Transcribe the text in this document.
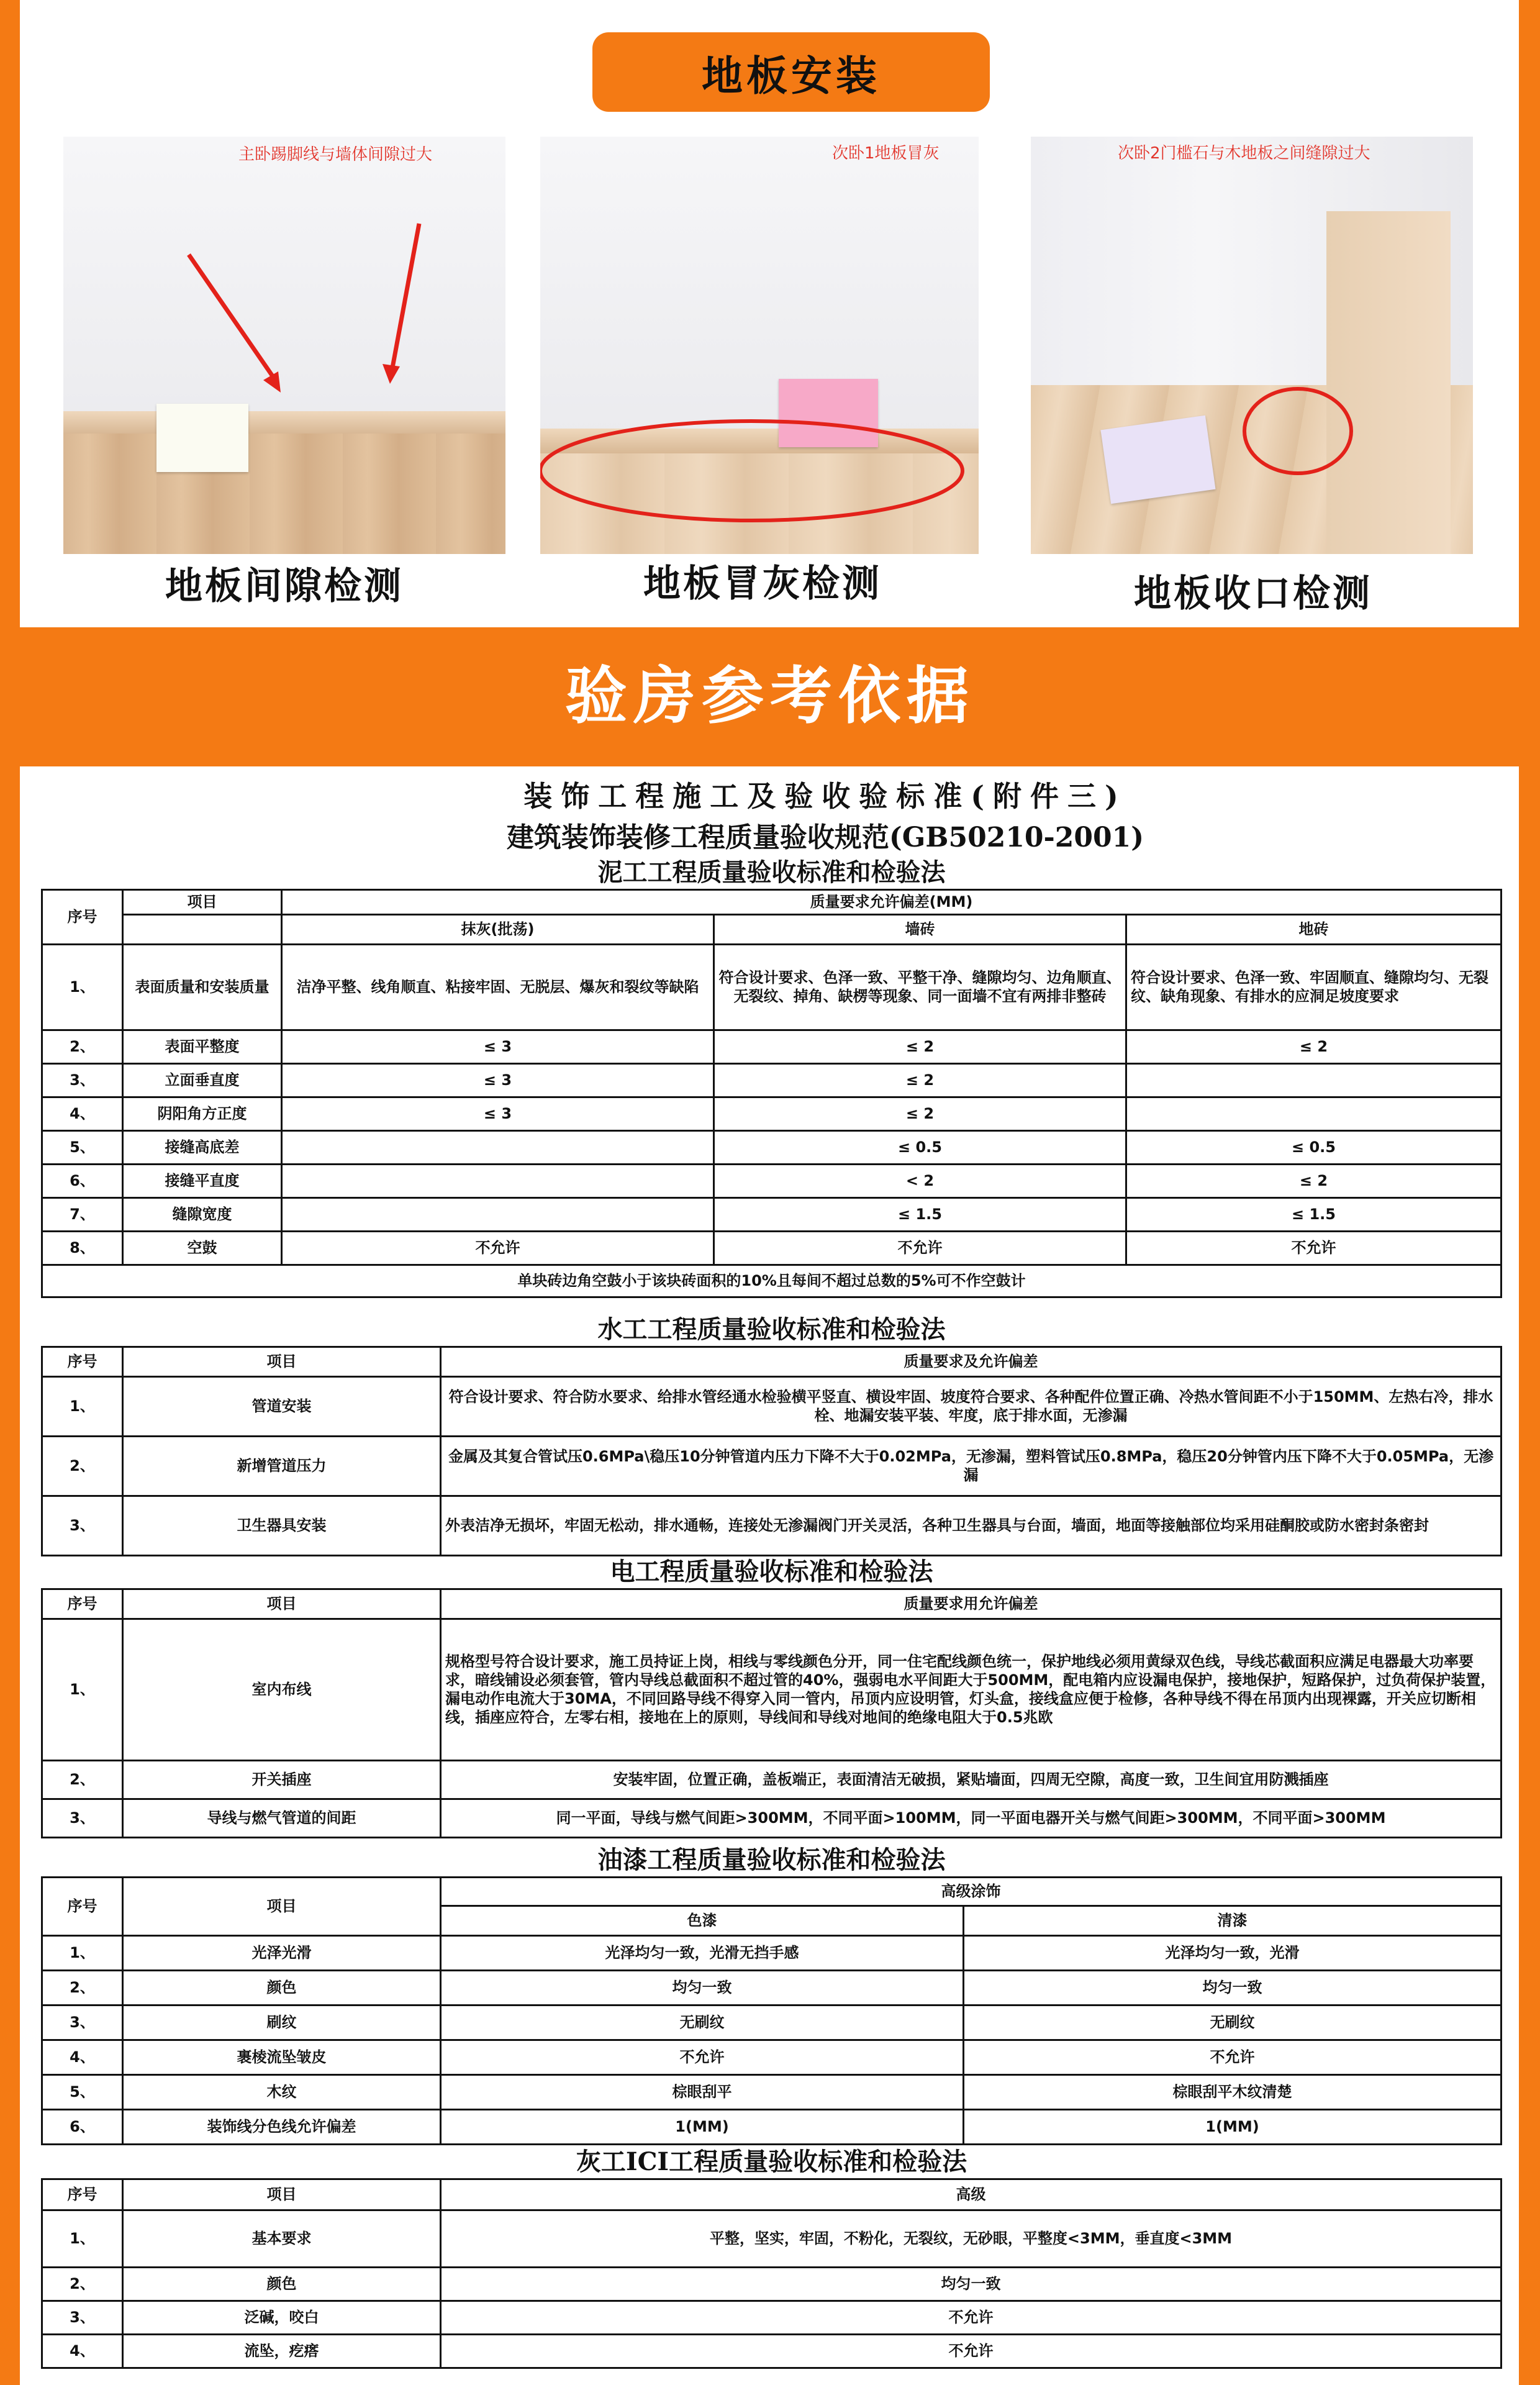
地板安装
主卧踢脚线与墙体间隙过大
地板间隙检测
次卧1地板冒灰
地板冒灰检测
次卧2门槛石与木地板之间缝隙过大
地板收口检测
验房参考依据
装饰工程施工及验收验标准(附件三)
建筑装饰装修工程质量验收规范(GB50210-2001)
泥工工程质量验收标准和检验法				
序号	项目	质量要求允许偏差(MM)		
		抹灰(批荡)	墙砖	地砖
1、	表面质量和安装质量	洁净平整、线角顺直、粘接牢固、无脱层、爆灰和裂纹等缺陷	符合设计要求、色泽一致、平整干净、缝隙均匀、边角顺直、无裂纹、掉角、缺楞等现象、同一面墙不宜有两排非整砖	符合设计要求、色泽一致、牢固顺直、缝隙均匀、无裂纹、缺角现象、有排水的应洞足坡度要求
2、	表面平整度	≤ 3	≤ 2	≤ 2
3、	立面垂直度	≤ 3	≤ 2	
4、	阴阳角方正度	≤ 3	≤ 2	
5、	接缝高底差		≤ 0.5	≤ 0.5
6、	接缝平直度		< 2	≤ 2
7、	缝隙宽度		≤ 1.5	≤ 1.5
8、	空鼓	不允许	不允许	不允许
单块砖边角空鼓小于该块砖面积的10%且每间不超过总数的5%可不作空鼓计				
水工工程质量验收标准和检验法		
序号	项目	质量要求及允许偏差
1、	管道安装	符合设计要求、符合防水要求、给排水管经通水检验横平竖直、横设牢固、坡度符合要求、各种配件位置正确、冷热水管间距不小于150MM、左热右冷，排水栓、地漏安装平装、牢度，底于排水面，无渗漏
2、	新增管道压力	金属及其复合管试压0.6MPa\稳压10分钟管道内压力下降不大于0.02MPa，无渗漏，塑料管试压0.8MPa，稳压20分钟管内压下降不大于0.05MPa，无渗漏
3、	卫生器具安装	外表洁净无损坏，牢固无松动，排水通畅，连接处无渗漏阀门开关灵活，各种卫生器具与台面，墙面，地面等接触部位均采用硅酮胶或防水密封条密封
电工程质量验收标准和检验法		
序号	项目	质量要求用允许偏差
1、	室内布线	规格型号符合设计要求，施工员持证上岗，相线与零线颜色分开，同一住宅配线颜色统一，保护地线必须用黄绿双色线，导线芯截面积应满足电器最大功率要求，暗线铺设必须套管，管内导线总截面积不超过管的40%，强弱电水平间距大于500MM，配电箱内应设漏电保护，接地保护，短路保护，过负荷保护装置，漏电动作电流大于30MA，不同回路导线不得穿入同一管内，吊顶内应设明管，灯头盒，接线盒应便于检修，各种导线不得在吊顶内出现裸露，开关应切断相线，插座应符合，左零右相，接地在上的原则，导线间和导线对地间的绝缘电阻大于0.5兆欧
2、	开关插座	安装牢固，位置正确，盖板端正，表面清洁无破损，紧贴墙面，四周无空隙，高度一致，卫生间宜用防溅插座
3、	导线与燃气管道的间距	同一平面，导线与燃气间距>300MM，不同平面>100MM，同一平面电器开关与燃气间距>300MM，不同平面>300MM
油漆工程质量验收标准和检验法			
序号	项目	高级涂饰	
		色漆	清漆
1、	光泽光滑	光泽均匀一致，光滑无挡手感	光泽均匀一致，光滑
2、	颜色	均匀一致	均匀一致
3、	刷纹	无刷纹	无刷纹
4、	裹棱流坠皱皮	不允许	不允许
5、	木纹	棕眼刮平	棕眼刮平木纹清楚
6、	装饰线分色线允许偏差	1(MM)	1(MM)
灰工ICI工程质量验收标准和检验法		
序号	项目	高级
1、	基本要求	平整，坚实，牢固，不粉化，无裂纹，无砂眼，平整度<3MM，垂直度<3MM
2、	颜色	均匀一致
3、	泛碱，咬白	不允许
4、	流坠，疙瘩	不允许
